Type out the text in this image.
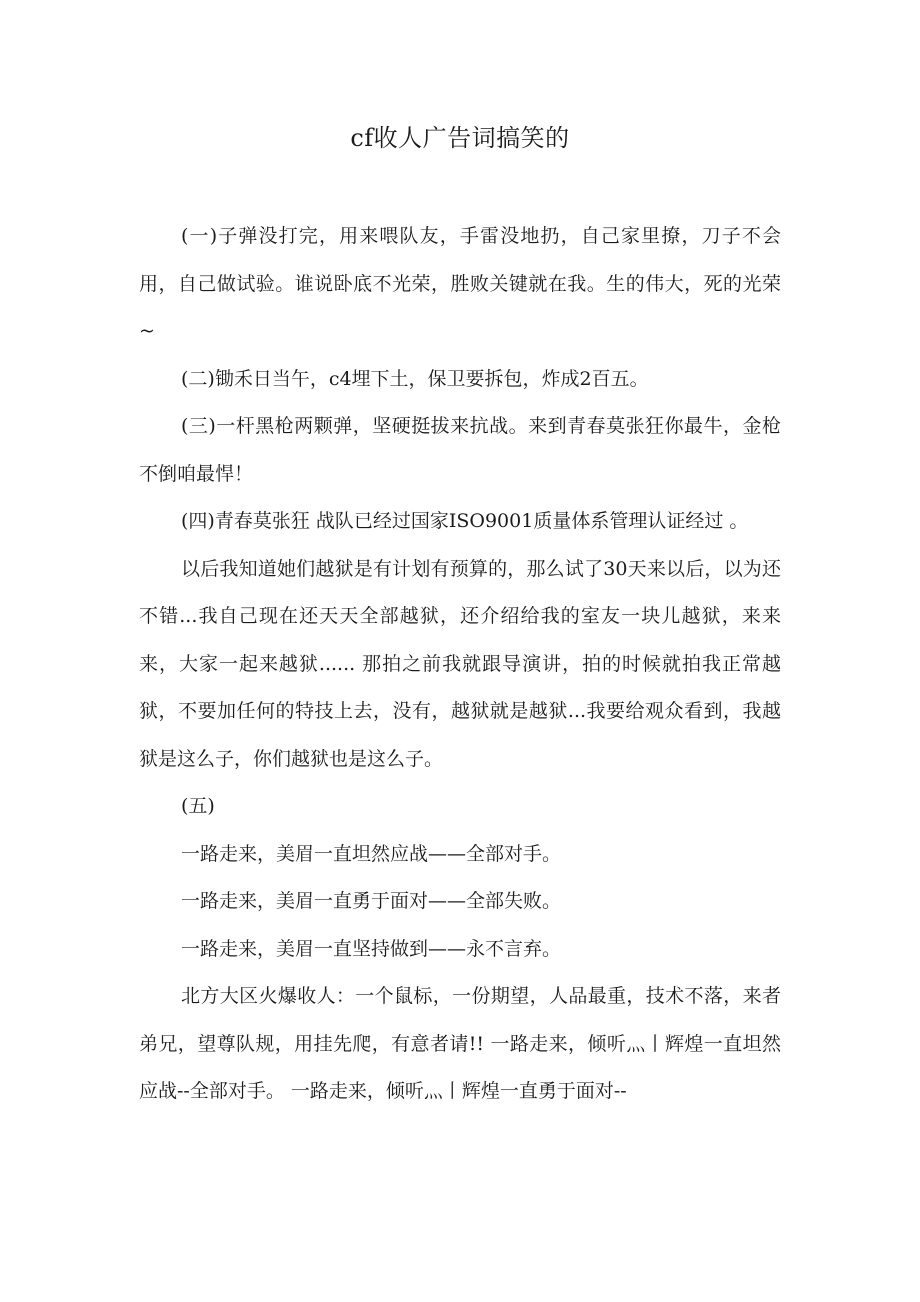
cf收人广告词搞笑的

(一)子弹没打完，用来喂队友，手雷没地扔，自己家里撩，刀子不会用，自己做试验。谁说卧底不光荣，胜败关键就在我。生的伟大，死的光荣~

(二)锄禾日当午，c4埋下土，保卫要拆包，炸成2百五。

(三)一杆黑枪两颗弹，坚硬挺拔来抗战。来到青春莫张狂你最牛，金枪不倒咱最悍！

(四)青春莫张狂 战队已经过国家ISO9001质量体系管理认证经过 。

以后我知道她们越狱是有计划有预算的，那么试了30天来以后，以为还不错...我自己现在还天天全部越狱，还介绍给我的室友一块儿越狱，来来来，大家一起来越狱...... 那拍之前我就跟导演讲，拍的时候就拍我正常越狱，不要加任何的特技上去，没有，越狱就是越狱...我要给观众看到，我越狱是这么子，你们越狱也是这么子。

(五)

一路走来，美眉一直坦然应战——全部对手。

一路走来，美眉一直勇于面对——全部失败。

一路走来，美眉一直坚持做到——永不言弃。

北方大区火爆收人：一个鼠标，一份期望，人品最重，技术不落，来者弟兄，望尊队规，用挂先爬，有意者请!! 一路走来，倾听灬丨辉煌一直坦然应战--全部对手。 一路走来，倾听灬丨辉煌一直勇于面对--
